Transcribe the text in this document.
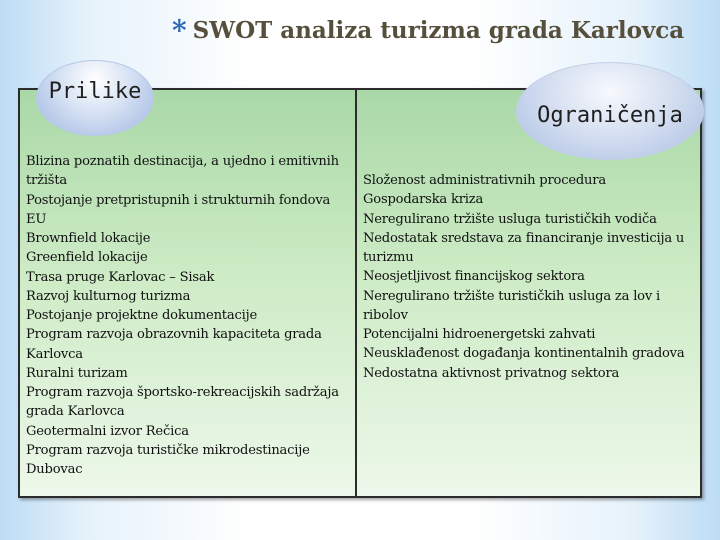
* SWOT analiza turizma grada Karlovca
Blizina poznatih destinacija, a ujedno i emitivnih tržišta
Postojanje pretpristupnih i strukturnih fondova EU
Brownfield lokacije
Greenfield lokacije
Trasa pruge Karlovac – Sisak
Razvoj kulturnog turizma
Postojanje projektne dokumentacije
Program razvoja obrazovnih kapaciteta grada Karlovca
Ruralni turizam
Program razvoja športsko-rekreacijskih sadržaja grada Karlovca
Geotermalni izvor Rečica
Program razvoja turističke mikrodestinacije Dubovac
Složenost administrativnih procedura
Gospodarska kriza
Neregulirano tržište usluga turističkih vodiča
Nedostatak sredstava za financiranje investicija u turizmu
Neosjetljivost financijskog sektora
Neregulirano tržište turističkih usluga za lov i ribolov
Potencijalni hidroenergetski zahvati
Neusklađenost događanja kontinentalnih gradova
Nedostatna aktivnost privatnog sektora
Prilike
Ograničenja
